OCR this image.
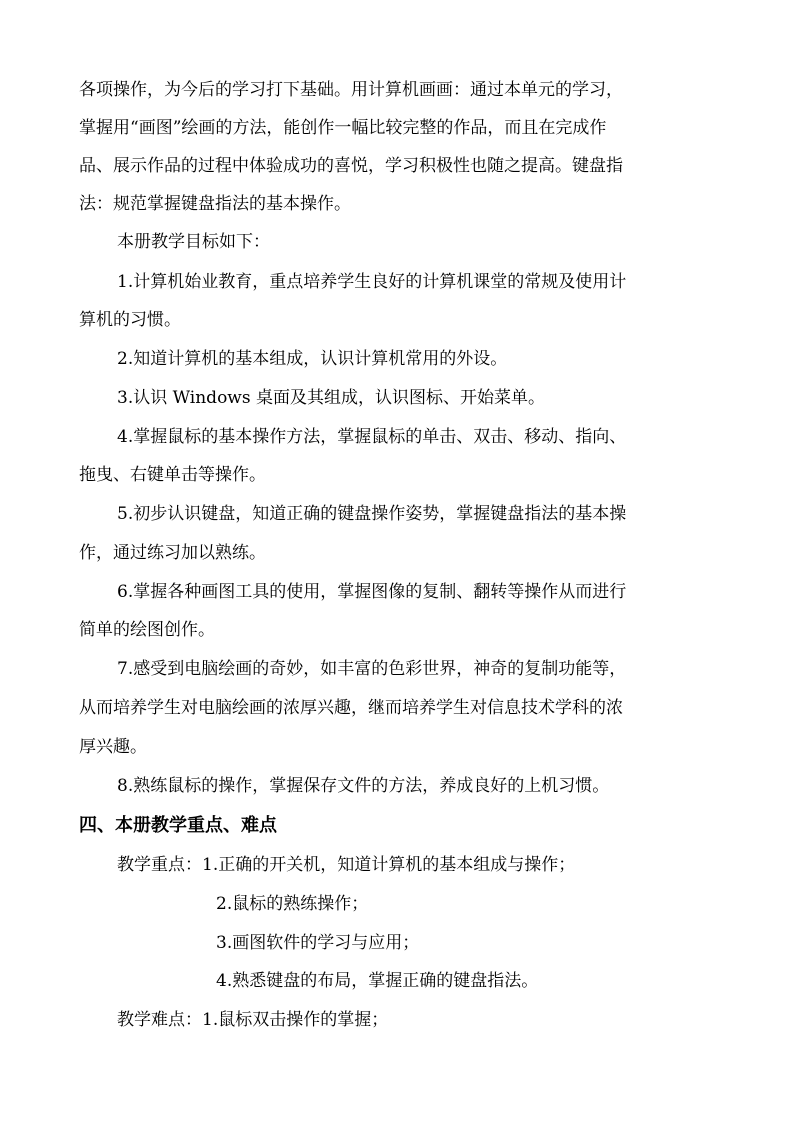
各项操作，为今后的学习打下基础。用计算机画画：通过本单元的学习，
掌握用“画图”绘画的方法，能创作一幅比较完整的作品，而且在完成作
品、展示作品的过程中体验成功的喜悦，学习积极性也随之提高。键盘指
法：规范掌握键盘指法的基本操作。
本册教学目标如下：
1.计算机始业教育，重点培养学生良好的计算机课堂的常规及使用计
算机的习惯。
2.知道计算机的基本组成，认识计算机常用的外设。
3.认识 Windows 桌面及其组成，认识图标、开始菜单。
4.掌握鼠标的基本操作方法，掌握鼠标的单击、双击、移动、指向、
拖曳、右键单击等操作。
5.初步认识键盘，知道正确的键盘操作姿势，掌握键盘指法的基本操
作，通过练习加以熟练。
6.掌握各种画图工具的使用，掌握图像的复制、翻转等操作从而进行
简单的绘图创作。
7.感受到电脑绘画的奇妙，如丰富的色彩世界，神奇的复制功能等，
从而培养学生对电脑绘画的浓厚兴趣，继而培养学生对信息技术学科的浓
厚兴趣。
8.熟练鼠标的操作，掌握保存文件的方法，养成良好的上机习惯。
四、本册教学重点、难点
教学重点：1.正确的开关机，知道计算机的基本组成与操作；
2.鼠标的熟练操作；
3.画图软件的学习与应用；
4.熟悉键盘的布局，掌握正确的键盘指法。
教学难点：1.鼠标双击操作的掌握；
